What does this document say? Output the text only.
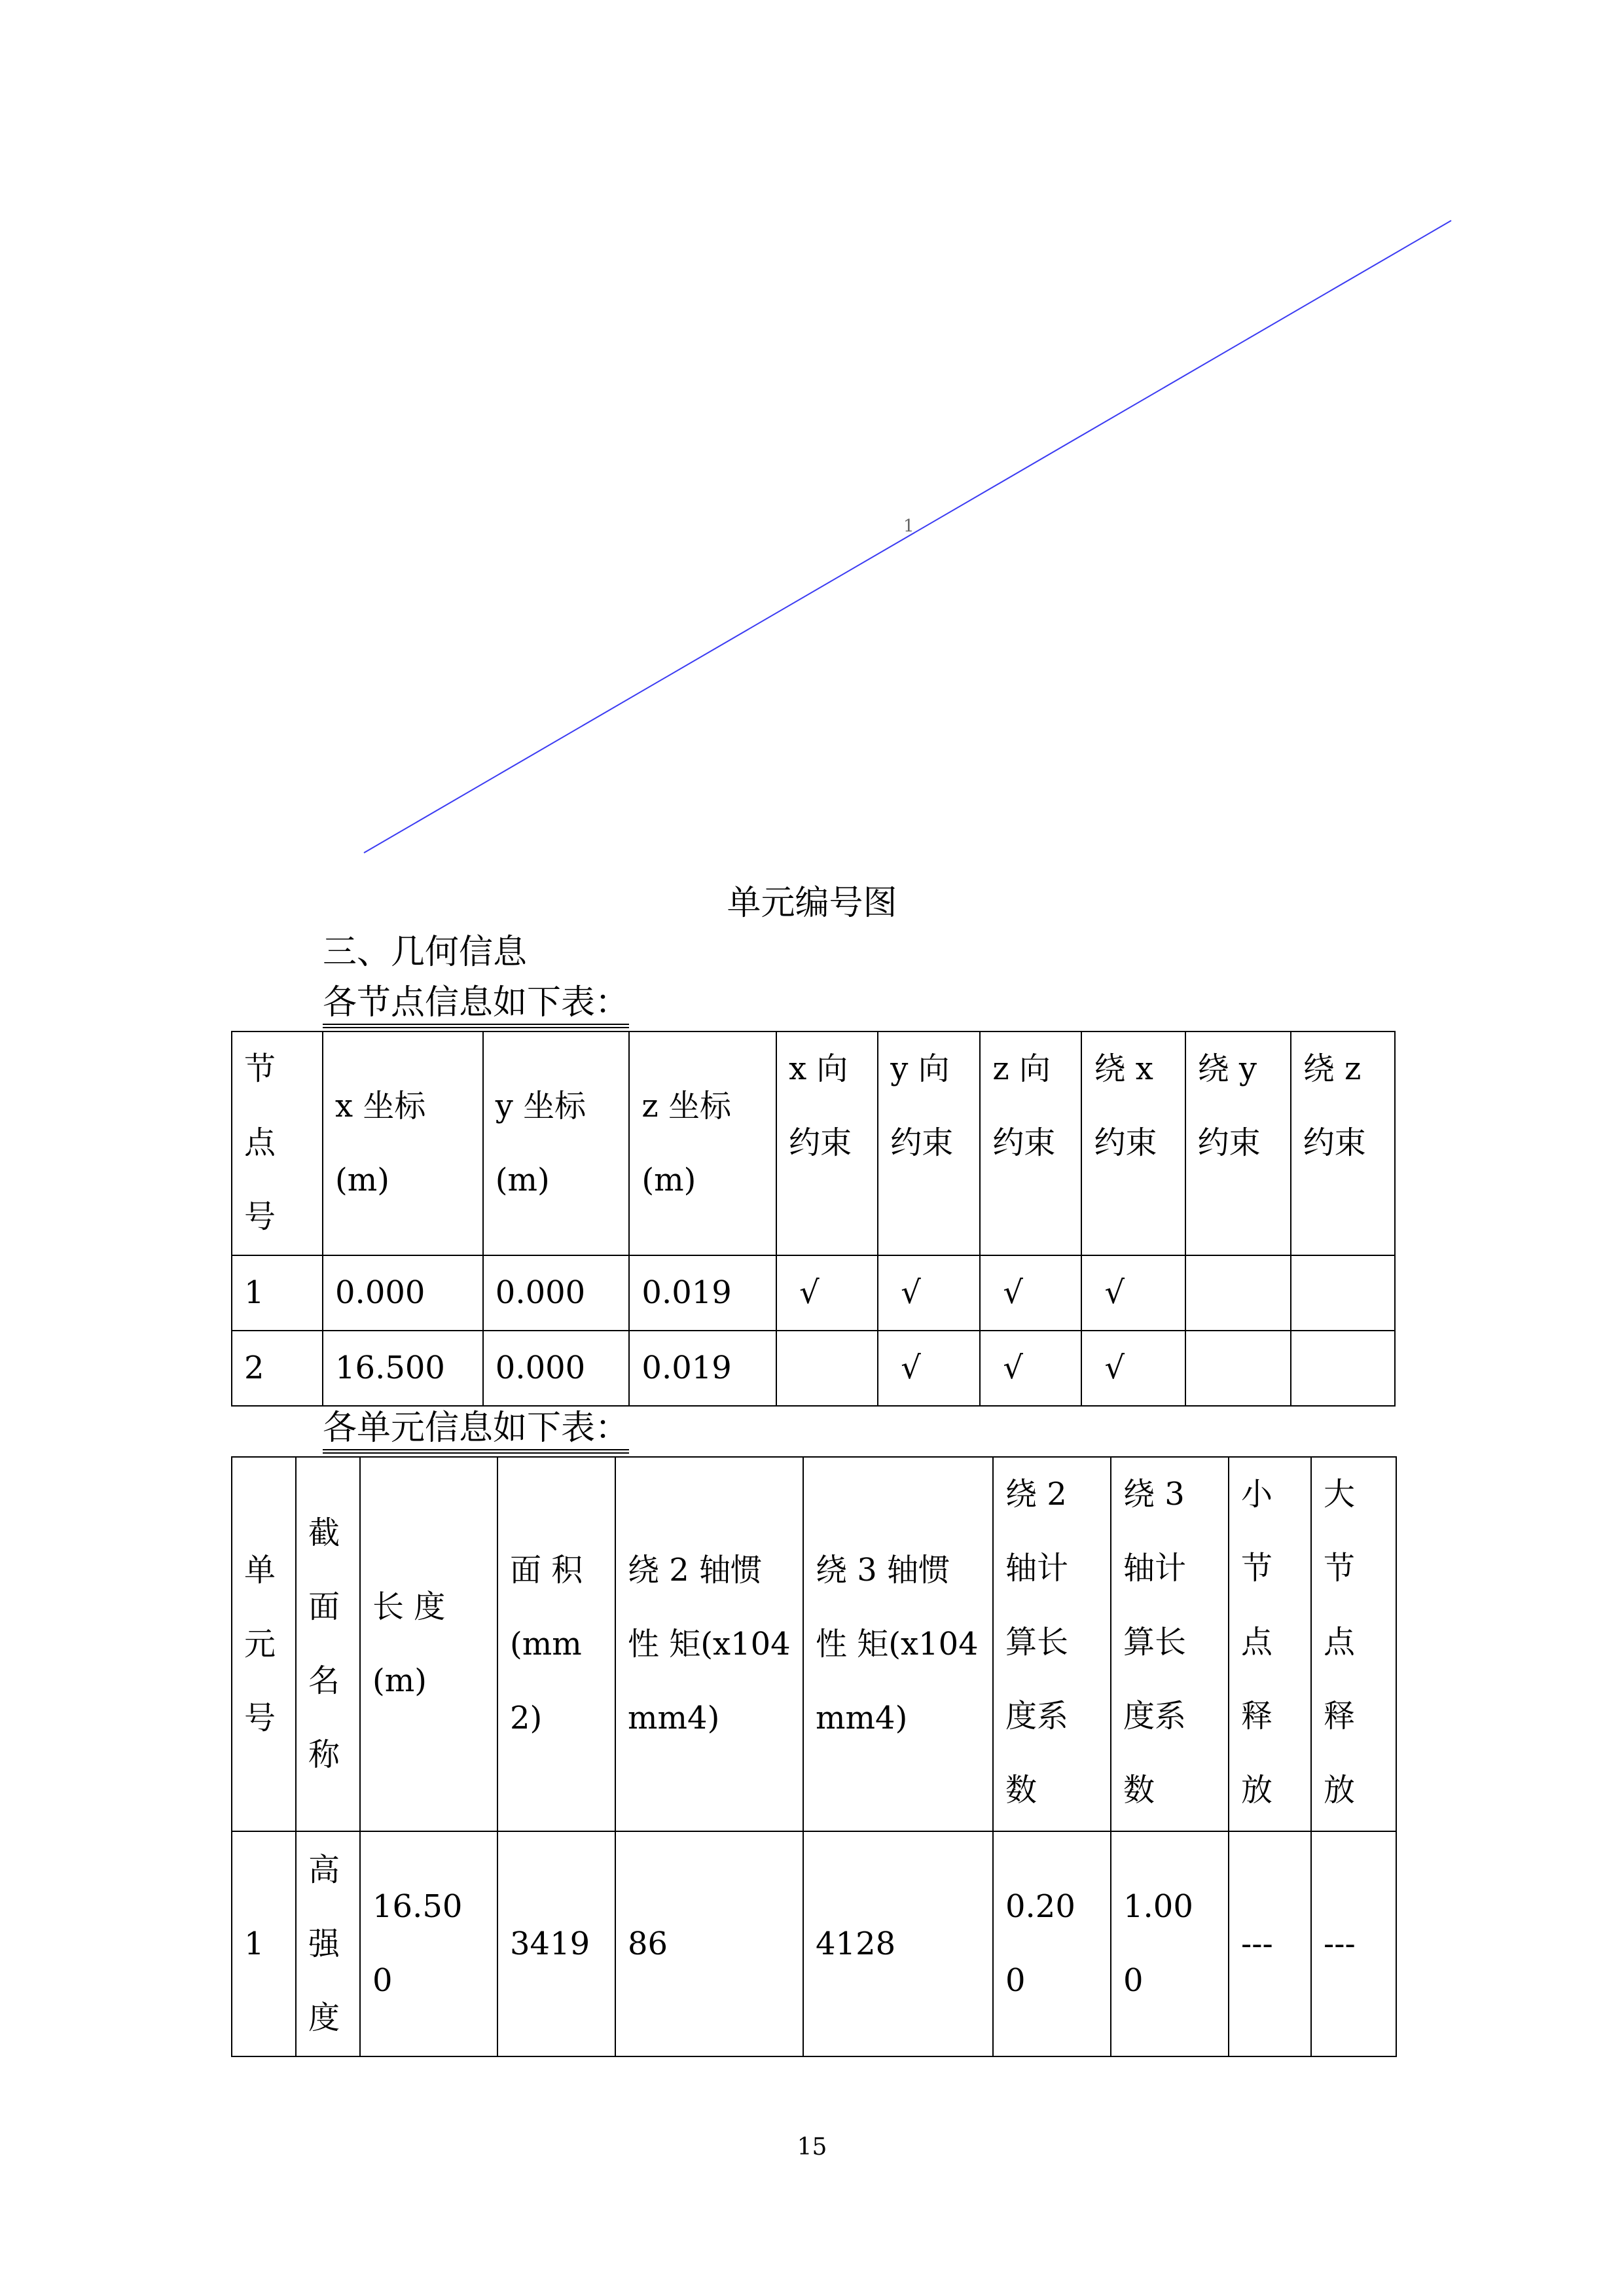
1
单元编号图
三、几何信息
各节点信息如下表：
节点号	x 坐标(m)	y 坐标(m)	z 坐标(m)	x 向约束	y 向约束	z 向约束	绕 x 约束	绕 y 约束	绕 z 约束

1	0.000	0.000	0.019	√	√	√	√		
2	16.500	0.000	0.019		√	√	√		
各单元信息如下表：
单元号	截面名称	长 度(m)	面 积(mm2)	绕 2 轴惯 性 矩(x104mm4)	绕 3 轴惯 性 矩(x104mm4)	绕 2 轴计算长度系数	绕 3 轴计算长度系数	小节点释放	大节点释放

1	高强度	16.500	3419	86	4128	0.200	1.000	---	---
15
